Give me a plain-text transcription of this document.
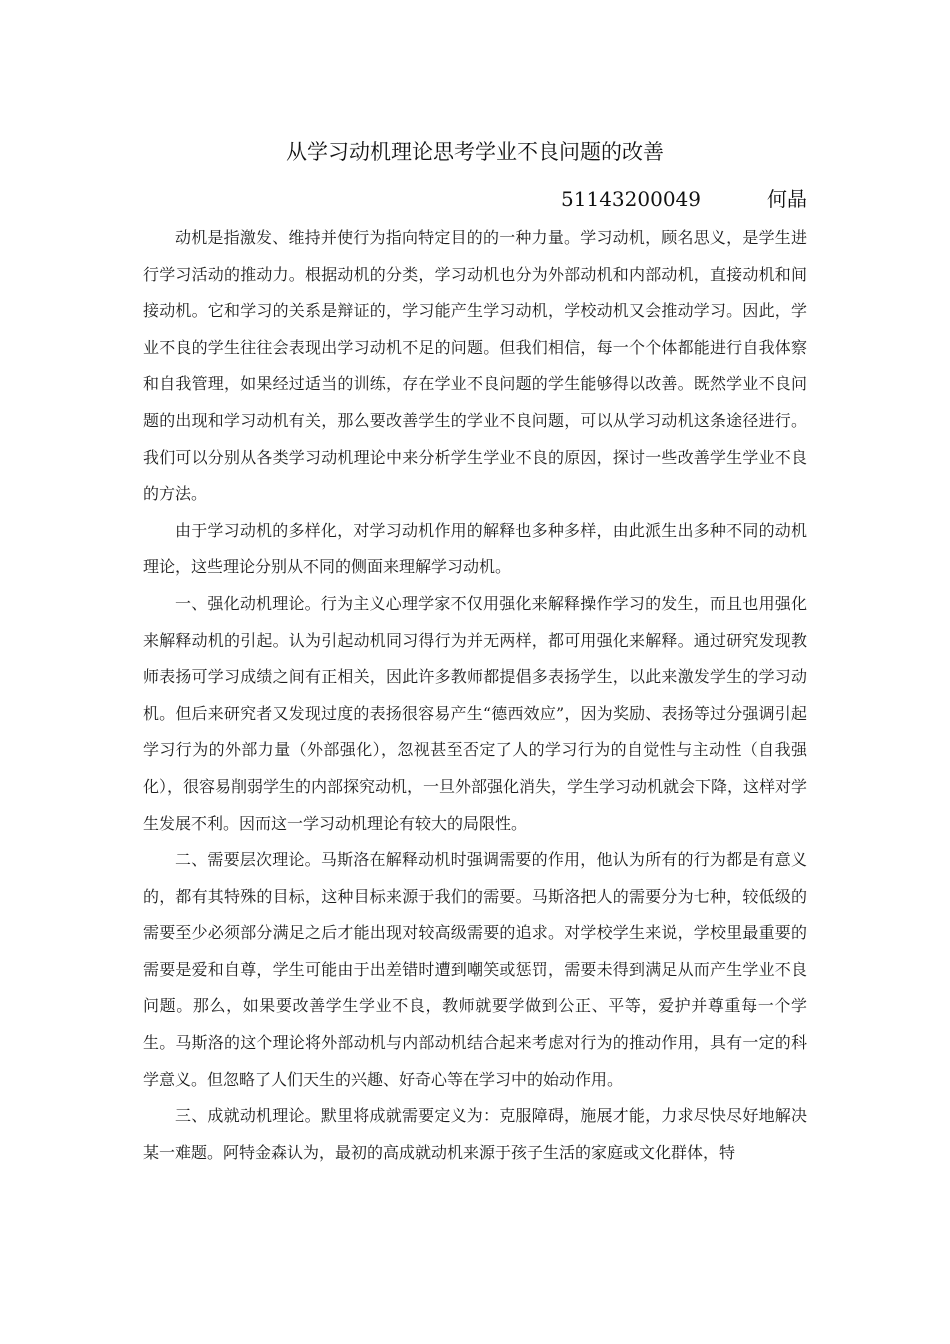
从学习动机理论思考学业不良问题的改善
51143200049	何晶

动机是指激发、维持并使行为指向特定目的的一种力量。学习动机，顾名思义，是学生进行学习活动的推动力。根据动机的分类，学习动机也分为外部动机和内部动机，直接动机和间接动机。它和学习的关系是辩证的，学习能产生学习动机，学校动机又会推动学习。因此，学业不良的学生往往会表现出学习动机不足的问题。但我们相信，每一个个体都能进行自我体察和自我管理，如果经过适当的训练，存在学业不良问题的学生能够得以改善。既然学业不良问题的出现和学习动机有关，那么要改善学生的学业不良问题，可以从学习动机这条途径进行。我们可以分别从各类学习动机理论中来分析学生学业不良的原因，探讨一些改善学生学业不良的方法。

由于学习动机的多样化，对学习动机作用的解释也多种多样，由此派生出多种不同的动机理论，这些理论分别从不同的侧面来理解学习动机。

一、强化动机理论。行为主义心理学家不仅用强化来解释操作学习的发生，而且也用强化来解释动机的引起。认为引起动机同习得行为并无两样，都可用强化来解释。通过研究发现教师表扬可学习成绩之间有正相关，因此许多教师都提倡多表扬学生，以此来激发学生的学习动机。但后来研究者又发现过度的表扬很容易产生“德西效应”，因为奖励、表扬等过分强调引起学习行为的外部力量（外部强化），忽视甚至否定了人的学习行为的自觉性与主动性（自我强化），很容易削弱学生的内部探究动机，一旦外部强化消失，学生学习动机就会下降，这样对学生发展不利。因而这一学习动机理论有较大的局限性。

二、需要层次理论。马斯洛在解释动机时强调需要的作用，他认为所有的行为都是有意义的，都有其特殊的目标，这种目标来源于我们的需要。马斯洛把人的需要分为七种，较低级的需要至少必须部分满足之后才能出现对较高级需要的追求。对学校学生来说，学校里最重要的需要是爱和自尊，学生可能由于出差错时遭到嘲笑或惩罚，需要未得到满足从而产生学业不良问题。那么，如果要改善学生学业不良，教师就要学做到公正、平等，爱护并尊重每一个学生。马斯洛的这个理论将外部动机与内部动机结合起来考虑对行为的推动作用，具有一定的科学意义。但忽略了人们天生的兴趣、好奇心等在学习中的始动作用。

三、成就动机理论。默里将成就需要定义为：克服障碍，施展才能，力求尽快尽好地解决某一难题。阿特金森认为，最初的高成就动机来源于孩子生活的家庭或文化群体，特
